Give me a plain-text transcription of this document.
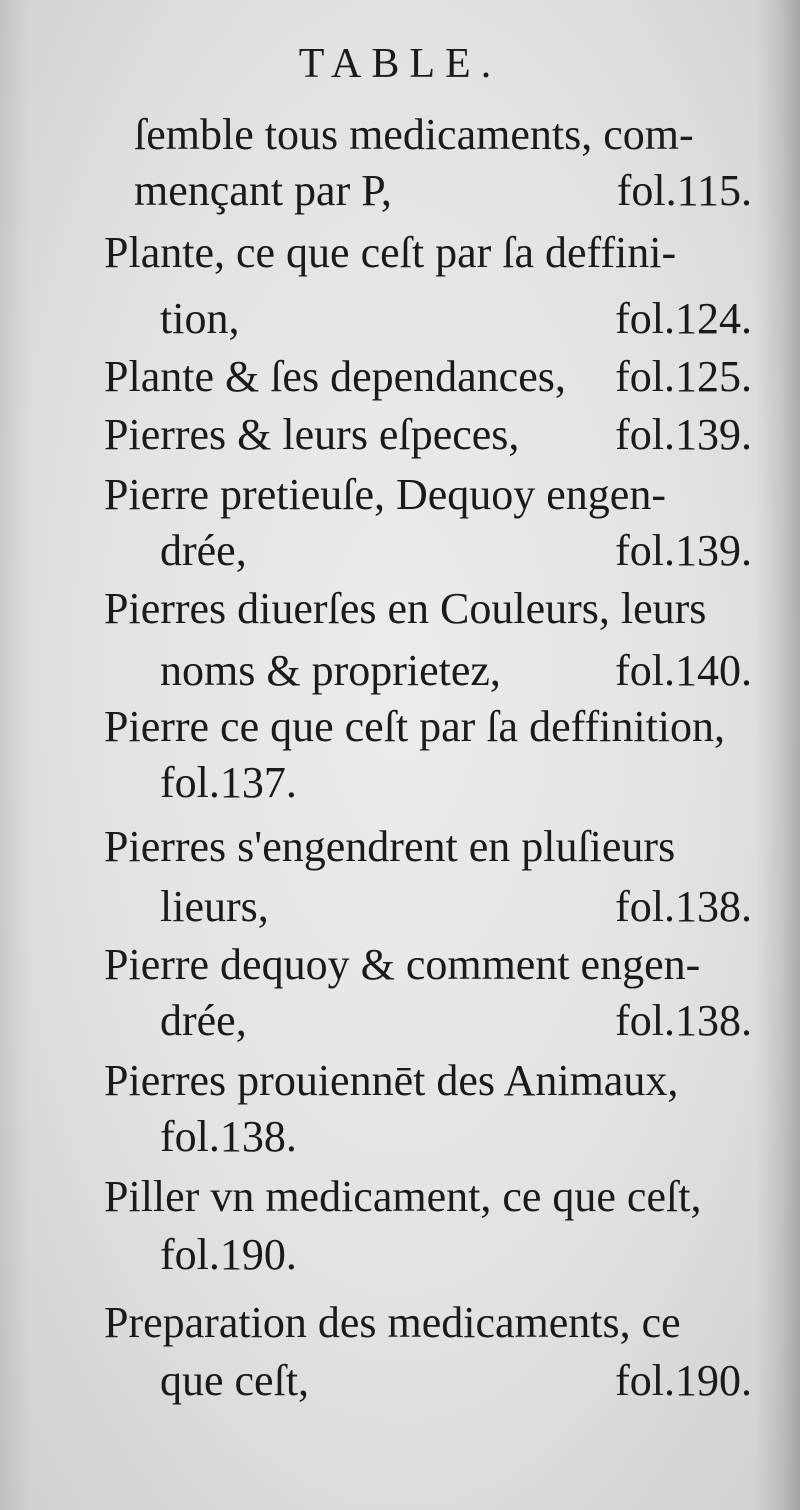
TABLE.
ſemble tous medicaments, com-
mençant par P,	fol.115.
Plante, ce que ceſt par ſa deffini-
tion,	fol.124.
Plante & ſes dependances, fol.125.
Pierres & leurs eſpeces, fol.139.
Pierre pretieuſe, Dequoy engen-
drée,	fol.139.
Pierres diuerſes en Couleurs, leurs
noms & proprietez,	fol.140.
Pierre ce que ceſt par ſa deffinition,
fol.137.
Pierres s'engendrent en pluſieurs
lieurs,	fol.138.
Pierre dequoy & comment engen-
drée,	fol.138.
Pierres prouiennēt des Animaux,
fol.138.
Piller vn medicament, ce que ceſt,
fol.190.
Preparation des medicaments, ce
que ceſt,	fol.190.
